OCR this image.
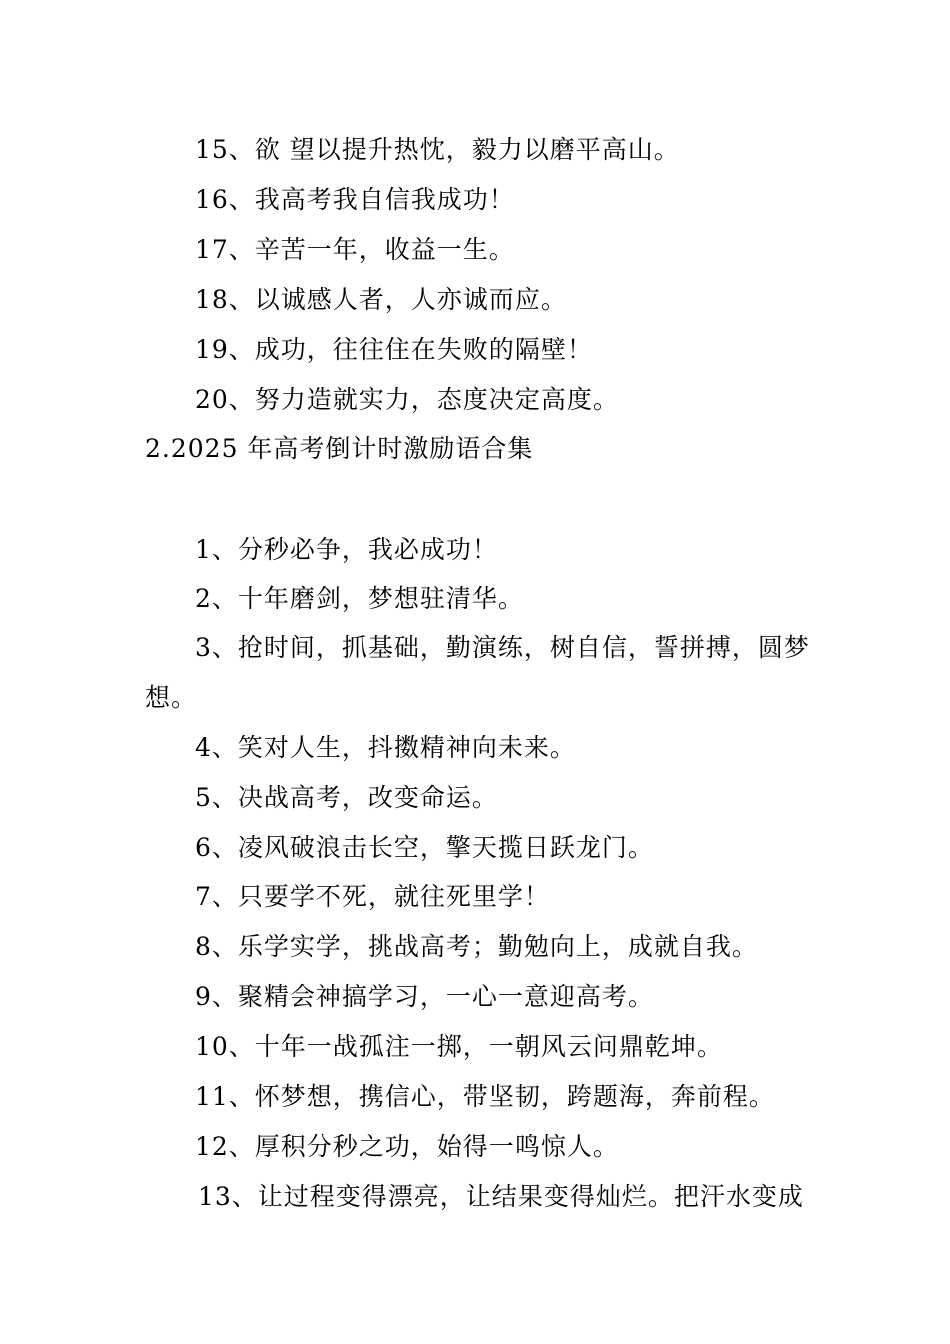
15、欲 望以提升热忱，毅力以磨平高山。
16、我高考我自信我成功！
17、辛苦一年，收益一生。
18、以诚感人者，人亦诚而应。
19、成功，往往住在失败的隔壁！
20、努力造就实力，态度决定高度。
2.2025 年高考倒计时激励语合集
1、分秒必争，我必成功！
2、十年磨剑，梦想驻清华。
3、抢时间，抓基础，勤演练，树自信，誓拼搏，圆梦
想。
4、笑对人生，抖擞精神向未来。
5、决战高考，改变命运。
6、凌风破浪击长空，擎天揽日跃龙门。
7、只要学不死，就往死里学！
8、乐学实学，挑战高考；勤勉向上，成就自我。
9、聚精会神搞学习，一心一意迎高考。
10、十年一战孤注一掷，一朝风云问鼎乾坤。
11、怀梦想，携信心，带坚韧，跨题海，奔前程。
12、厚积分秒之功，始得一鸣惊人。
13、让过程变得漂亮，让结果变得灿烂。把汗水变成
